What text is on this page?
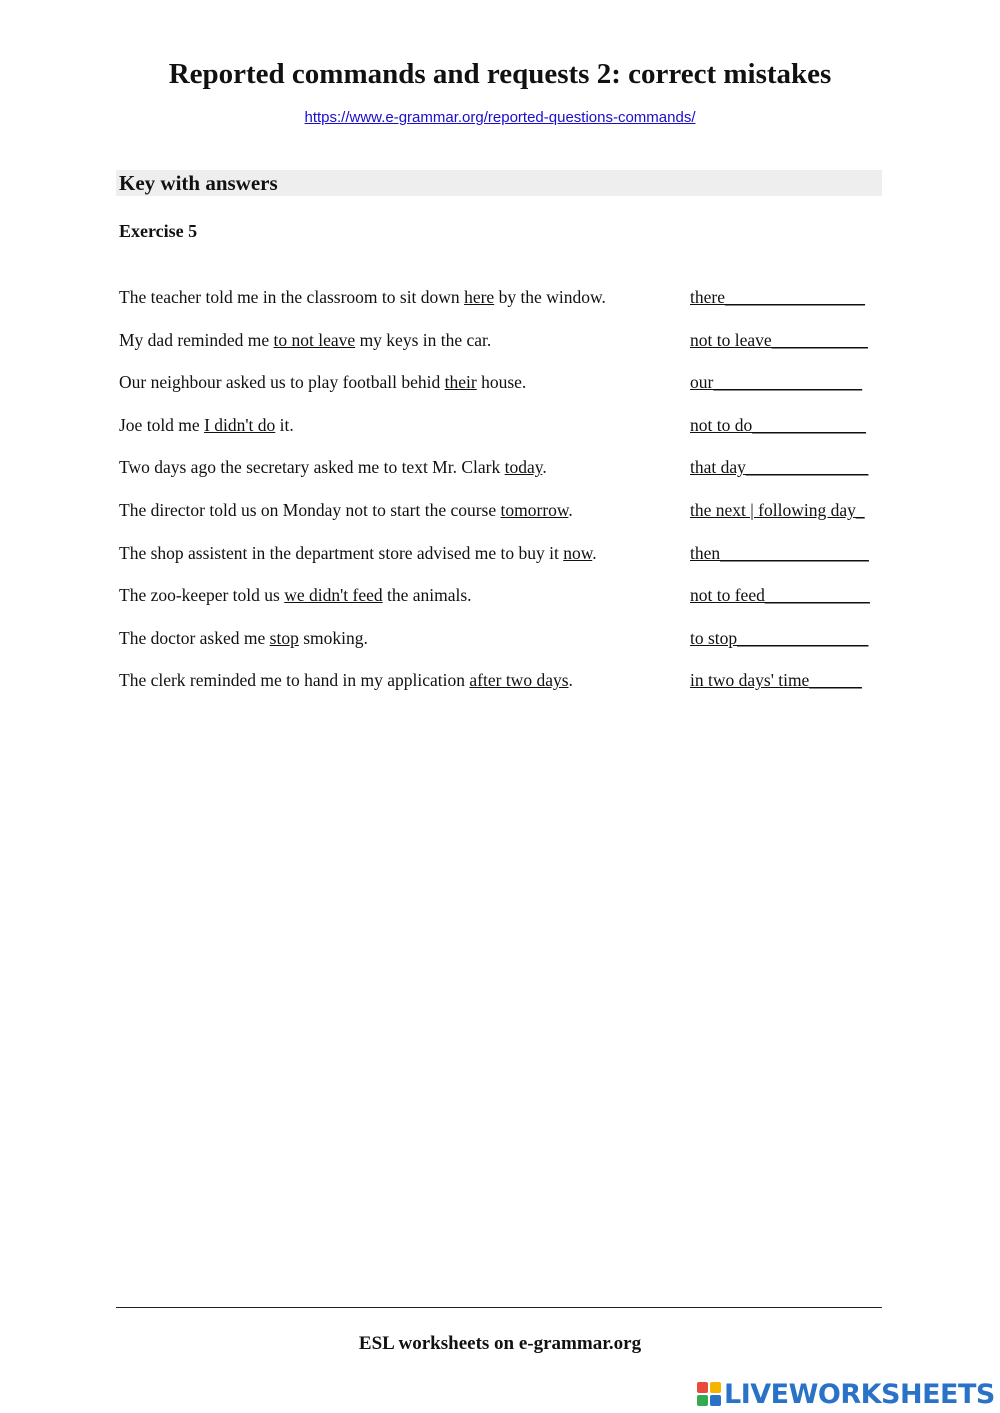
Reported commands and requests 2: correct mistakes
https://www.e-grammar.org/reported-questions-commands/
Key with answers
Exercise 5
The teacher told me in the classroom to sit down here by the window.	there________________
My dad reminded me to not leave my keys in the car.	not to leave___________
Our neighbour asked us to play football behid their house.	our_________________
Joe told me I didn't do it.	not to do_____________
Two days ago the secretary asked me to text Mr. Clark today.	that day______________
The director told us on Monday not to start the course tomorrow.	the next | following day_
The shop assistent in the department store advised me to buy it now.	then_________________
The zoo-keeper told us we didn't feed the animals.	not to feed____________
The doctor asked me stop smoking.	to stop_______________
The clerk reminded me to hand in my application after two days.	in two days' time______
ESL worksheets on e-grammar.org
LIVEWORKSHEETS
